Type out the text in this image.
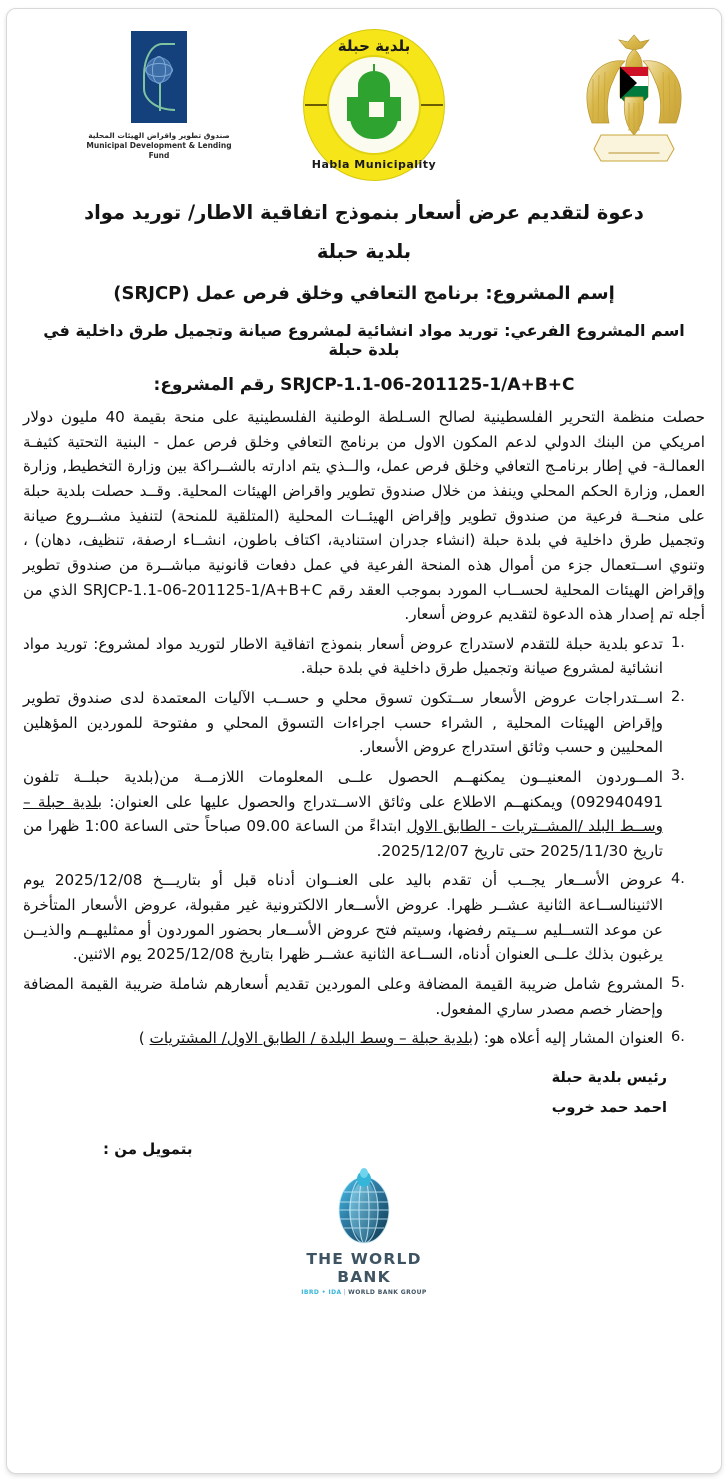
صندوق تطوير واقراض الهيئات المحلية
Municipal Development & Lending Fund
بلدية حبلة
Habla Municipality
دعوة لتقديم عرض أسعار بنموذج اتفاقية الاطار/ توريد مواد
بلدية حبلة
إسم المشروع: برنامج التعافي وخلق فرص عمل (SRJCP)
اسم المشروع الفرعي: توريد مواد انشائية لمشروع صيانة وتجميل طرق داخلية في بلدة حبلة
SRJCP-1.1-06-201125-1/A+B+C رقم المشروع:

حصلت منظمة التحرير الفلسطينية لصالح السـلطة الوطنية الفلسطينية على منحة بقيمة 40 مليون دولار امريكي من البنك الدولي لدعم المكون الاول من برنامج التعافي وخلق فرص عمل - البنية التحتية كثيفـة العمالـة- في إطار برنامـج التعافي وخلق فرص عمل، والــذي يتم ادارته بالشــراكة بين وزارة التخطيط, وزارة العمل, وزارة الحكم المحلي وينفذ من خلال صندوق تطوير واقراض الهيئات المحلية. وقــد حصلت بلدية حبلة على منحــة فرعية من صندوق تطوير وإقراض الهيئــات المحلية (المتلقية للمنحة) لتنفيذ مشــروع صيانة وتجميل طرق داخلية في بلدة حبلة (انشاء جدران استنادية، اكتاف باطون، انشــاء ارصفة، تنظيف، دهان) ، وتنوي اســتعمال جزء من أموال هذه المنحة الفرعية في عمل دفعات قانونية مباشــرة من صندوق تطوير وإقراض الهيئات المحلية لحســاب المورد بموجب العقد رقم SRJCP-1.1-06-201125-1/A+B+C الذي من أجله تم إصدار هذه الدعوة لتقديم عروض أسعار.

تدعو بلدية حبلة للتقدم لاستدراج عروض أسعار بنموذج اتفاقية الاطار لتوريد مواد لمشروع: توريد مواد انشائية لمشروع صيانة وتجميل طرق داخلية في بلدة حبلة.
اســتدراجات عروض الأسعار ســتكون تسوق محلي و حســب الآليات المعتمدة لدى صندوق تطوير وإقراض الهيئات المحلية , الشراء حسب اجراءات التسوق المحلي و مفتوحة للموردين المؤهلين المحليين و حسب وثائق استدراج عروض الأسعار.
المــوردون المعنيــون يمكنهــم الحصول علــى المعلومات اللازمــة من(بلدية حبلــة تلفون 092940491) ويمكنهــم الاطلاع على وثائق الاســتدراج والحصول عليها على العنوان: بلدية حبلة – وســط البلد /المشــتريات - الطابق الاول ابتداءً من الساعة 09.00 صباحاً حتى الساعة 1:00 ظهرا من تاريخ 2025/11/30 حتى تاريخ 2025/12/07.
عروض الأســعار يجــب أن تقدم باليد على العنــوان أدناه قبل أو بتاريـــخ 2025/12/08 يوم الاثنينالســاعة الثانية عشــر ظهرا. عروض الأســعار الالكترونية غير مقبولة، عروض الأسعار المتأخرة عن موعد التســليم ســيتم رفضها، وسيتم فتح عروض الأســعار بحضور الموردون أو ممثليهــم والذيــن يرغبون بذلك علــى العنوان أدناه، الســاعة الثانية عشــر ظهرا بتاريخ 2025/12/08 يوم الاثنين.
المشروع شامل ضريبة القيمة المضافة وعلى الموردين تقديم أسعارهم شاملة ضريبة القيمة المضافة وإحضار خصم مصدر ساري المفعول.
العنوان المشار إليه أعلاه هو: (بلدية حبلة – وسط البلدة / الطابق الاول/ المشتريات )
رئيس بلدية حبلة
احمد حمد خروب
بتمويل من :
THE WORLD BANK
IBRD • IDA | WORLD BANK GROUP
